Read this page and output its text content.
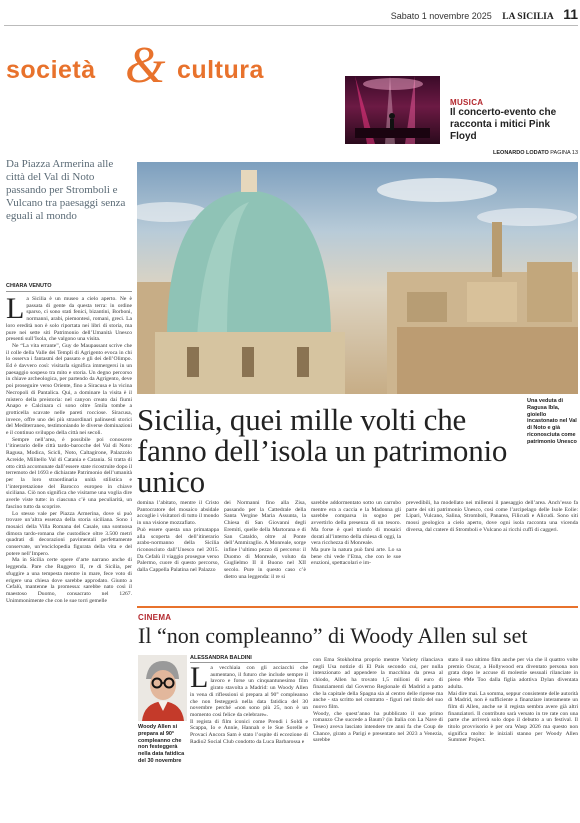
Sabato 1 novembre 2025 LA SICILIA 11
società & cultura
MUSICA
Il concerto-evento che racconta i mitici Pink Floyd
LEONARDO LODATO PAGINA 13
Da Piazza Armerina alle città del Val di Noto passando per Stromboli e Vulcano tra paesaggi senza eguali al mondo
CHIARA VENUTO
Una veduta di Ragusa Ibla, gioiello incastonato nel Val di Noto e già riconosciuta come patrimonio Unesco
Sicilia, quei mille volti che fanno dell’isola un patrimonio unico
L a Sicilia è un museo a cielo aperto. Ne è passata di gente da questa terra: in ordine sparso, ci sono stati fenici, bizantini, Borboni, normanni, arabi, piemontesi, romani, greci. La loro eredità non è solo riportata nei libri di storia, ma pure nei sette siti Patrimonio dell’Umanità Unesco presenti sull’Isola, che valgono una visita.

Ne “La vita errante”, Guy de Maupassant scrive che il colle della Valle dei Templi di Agrigento evoca in chi lo osserva i fantasmi del passato e gli dei dell’Olimpo. Ed è davvero così: visitarla significa immergersi in un paesaggio sospeso tra mito e storia. Un degno percorso in chiave archeologica, per partendo da Agrigento, deve poi proseguire verso Oriente, fino a Siracusa e la vicina Necropoli di Pantalica. Qui, a dominare la visita è il mistero della preistoria: nel canyon creato dai fiumi Anapo e Calcinara ci sono oltre 5mila tombe a grotticella scavate nelle pareti rocciose. Siracusa, invece, offre uno dei più straordinari palinsesti storici del Mediterraneo, testimoniando le diverse dominazioni e il continuo sviluppo della città nei secoli.

Sempre nell’area, è possibile poi conoscere l’itinerario delle città tardo-barocche del Val di Noto: Ragusa, Modica, Scicli, Noto, Caltagirone, Palazzolo Acreide, Militello Val di Catania e Catania. Si tratta di otto città accomunate dall’essere state ricostruite dopo il terremoto del 1693 e dichiarate Patrimonio dell’umanità per la loro straordinaria unità stilistica e l’interpretazione del Barocco europeo in chiave siciliana. Ciò non significa che visitarne una voglia dire averle viste tutte: in ciascuna c’è una peculiarità, un fascino tutto da scoprire.

Lo stesso vale per Piazza Armerina, dove si può trovare un’altra essenza della storia siciliana. Sono i mosaici della Villa Romana del Casale, una sontuosa dimora tardo-romana che custodisce oltre 3.500 metri quadrati di decorazioni pavimentali perfettamente conservate, un’enciclopedia figurata della vita e del potere nell’Impero.

Ma in Sicilia certe opere d’arte narrano anche di leggenda. Pare che Ruggero II, re di Sicilia, per sfuggire a una tempesta mentre in mare, fece voto di erigere una chiesa dove sarebbe approdato. Giunto a Cefalù, mantenne la promessa: sarebbe nato così il maestoso Duomo, consacrato nel 1267. Unimmonimente che con le sue torri gemelle

domina l’abitato, mentre il Cristo Pantocratore del mosaico absidale accoglie i visitatori di tutto il mondo in una visione mozzafiato.
Può essere questa una primatappa alla scoperta del dell’itinerario arabo-normanno della Sicilia riconosciuto dall’Unesco nel 2015. Da Cefalù il viaggio prosegue verso Palermo, cuore di questo percorso, dalla Cappella Palatina nel Palazzo
dei Normanni fino alla Zisa, passando per la Cattedrale della Santa Vergine Maria Assunta, la Chiesa di San Giovanni degli Eremiti, quelle della Martorana e di San Cataldo, oltre al Ponte dell’Ammiraglio. A Monreale, sorge infine l’ultimo pezzo di percorso: il Duomo di Monreale, voluto da Guglielmo II il Buono nel XII secolo. Pure in questo caso c’è dietro una leggenda: il re si
sarebbe addormentato sotto un carrubo mentre era a caccia e la Madonna gli sarebbe comparsa in sogno per avvertirlo della presenza di un tesoro. Ma forse è quel trionfo di mosaici dorati all’interno della chiesa di oggi, la vera ricchezza di Monreale.
Ma pure la natura può farsi arte. Lo sa bene chi vede l’Etna, che con le sue eruzioni, spettacolari e im-
prevedibili, ha modellato nei millenni il paesaggio dell’area. Anch’esso fa parte dei siti patrimonio Unesco, così come l’arcipelago delle Isole Eolie: Lipari, Vulcano, Salina, Stromboli, Panarea, Filicudi e Alicudi. Sono siti mossi geologico a cielo aperto, dove ogni isola racconta una vicenda diversa, dal cratere di Stromboli e Vulcano ai ricchi cuffi di caggeri.
CINEMA
Il “non compleanno” di Woody Allen sul set
ALESSANDRA BALDINI
Woody Allen si prepara al 90° compleanno che non festeggerà nella data fatidica del 30 novembre
L a vecchiaia con gli acciacchi che aumentano, il futuro che include sempre il lavoro e forse un cinquantunesimo film girato stavolta a Madrid: un Woody Allen in vena di riflessioni si prepara al 90° compleanno che non festeggerà nella data fatidica del 30 novembre perché «non sono più 25, non è un momento così felice da celebrare».
Il regista di film iconici come Prendi i Soldi e Scappa, Io e Annie, Hannah e le Sue Sorelle e Provaci Ancora Sam è stato l’ospite di eccezione di Radio2 Social Club condotto da Luca Barbarossa e

con Ema Stokholma proprio mentre Variety rilanciava negli Usa notizie di El País secondo cui, per nulla intenzionato ad appendere la macchina da presa al chiodo, Allen ha trovato 1,5 milioni di euro di finanziamenti dal Governo Regionale di Madrid a patto che la capitale della Spagna sia al centro delle riprese ma anche - sta scritto nel contratto - figuri nel titolo del suo nuovo film.
Woody, che quest’anno ha pubblicato il suo primo romanzo Che succede a Baum? (in Italia con La Nave di Teseo) aveva lasciato intendere tre anni fa che Coup de Chance, girato a Parigi e presentato nel 2023 a Venezia, sarebbe
stato il suo ultimo film anche per via che il quattro volte premio Oscar, a Hollywood era diventato persona non grata dopo le accuse di molestie sessuali rilanciate in pieno #Me Too dalla figlia adottiva Dylan diventata adulta.
Mai dire mai. La somma, seppur consistente delle autorità di Madrid, non è sufficiente a finanziare interamente un film di Allen, anche se il regista sembra avere già altri finanziatori. Il contributo sarà versato in tre rate con una parte che arriverà solo dopo il debutto a un festival. Il titolo provvisorio è per ora Wasp 2026 ma questo non significa molto: le iniziali stanno per Woody Allen Summer Project.
